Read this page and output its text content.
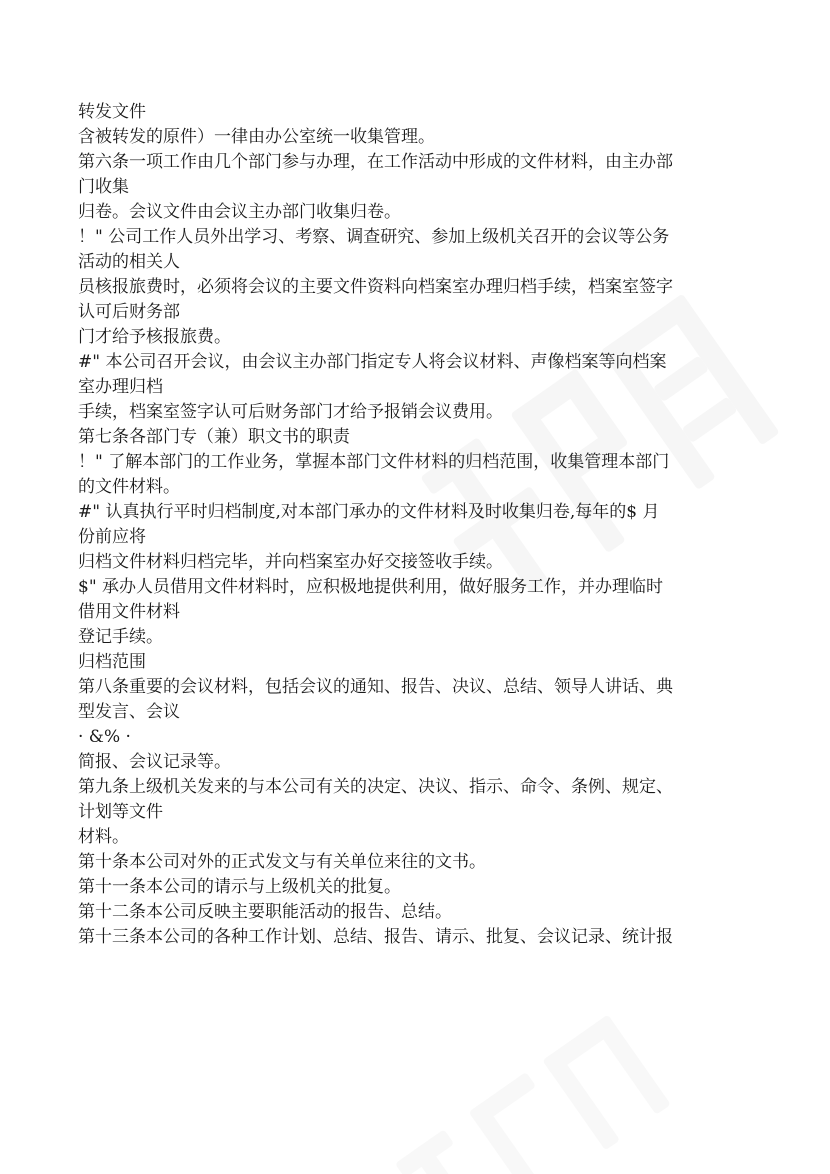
转发文件
含被转发的原件）一律由办公室统一收集管理。
第六条一项工作由几个部门参与办理，在工作活动中形成的文件材料，由主办部
门收集
归卷。会议文件由会议主办部门收集归卷。
！" 公司工作人员外出学习、考察、调查研究、参加上级机关召开的会议等公务
活动的相关人
员核报旅费时，必须将会议的主要文件资料向档案室办理归档手续，档案室签字
认可后财务部
门才给予核报旅费。
#" 本公司召开会议，由会议主办部门指定专人将会议材料、声像档案等向档案
室办理归档
手续，档案室签字认可后财务部门才给予报销会议费用。
第七条各部门专（兼）职文书的职责
！" 了解本部门的工作业务，掌握本部门文件材料的归档范围，收集管理本部门
的文件材料。
#" 认真执行平时归档制度,对本部门承办的文件材料及时收集归卷,每年的$ 月
份前应将
归档文件材料归档完毕，并向档案室办好交接签收手续。
$" 承办人员借用文件材料时，应积极地提供利用，做好服务工作，并办理临时
借用文件材料
登记手续。
归档范围
第八条重要的会议材料，包括会议的通知、报告、决议、总结、领导人讲话、典
型发言、会议
· &% ·
简报、会议记录等。
第九条上级机关发来的与本公司有关的决定、决议、指示、命令、条例、规定、
计划等文件
材料。
第十条本公司对外的正式发文与有关单位来往的文书。
第十一条本公司的请示与上级机关的批复。
第十二条本公司反映主要职能活动的报告、总结。
第十三条本公司的各种工作计划、总结、报告、请示、批复、会议记录、统计报
